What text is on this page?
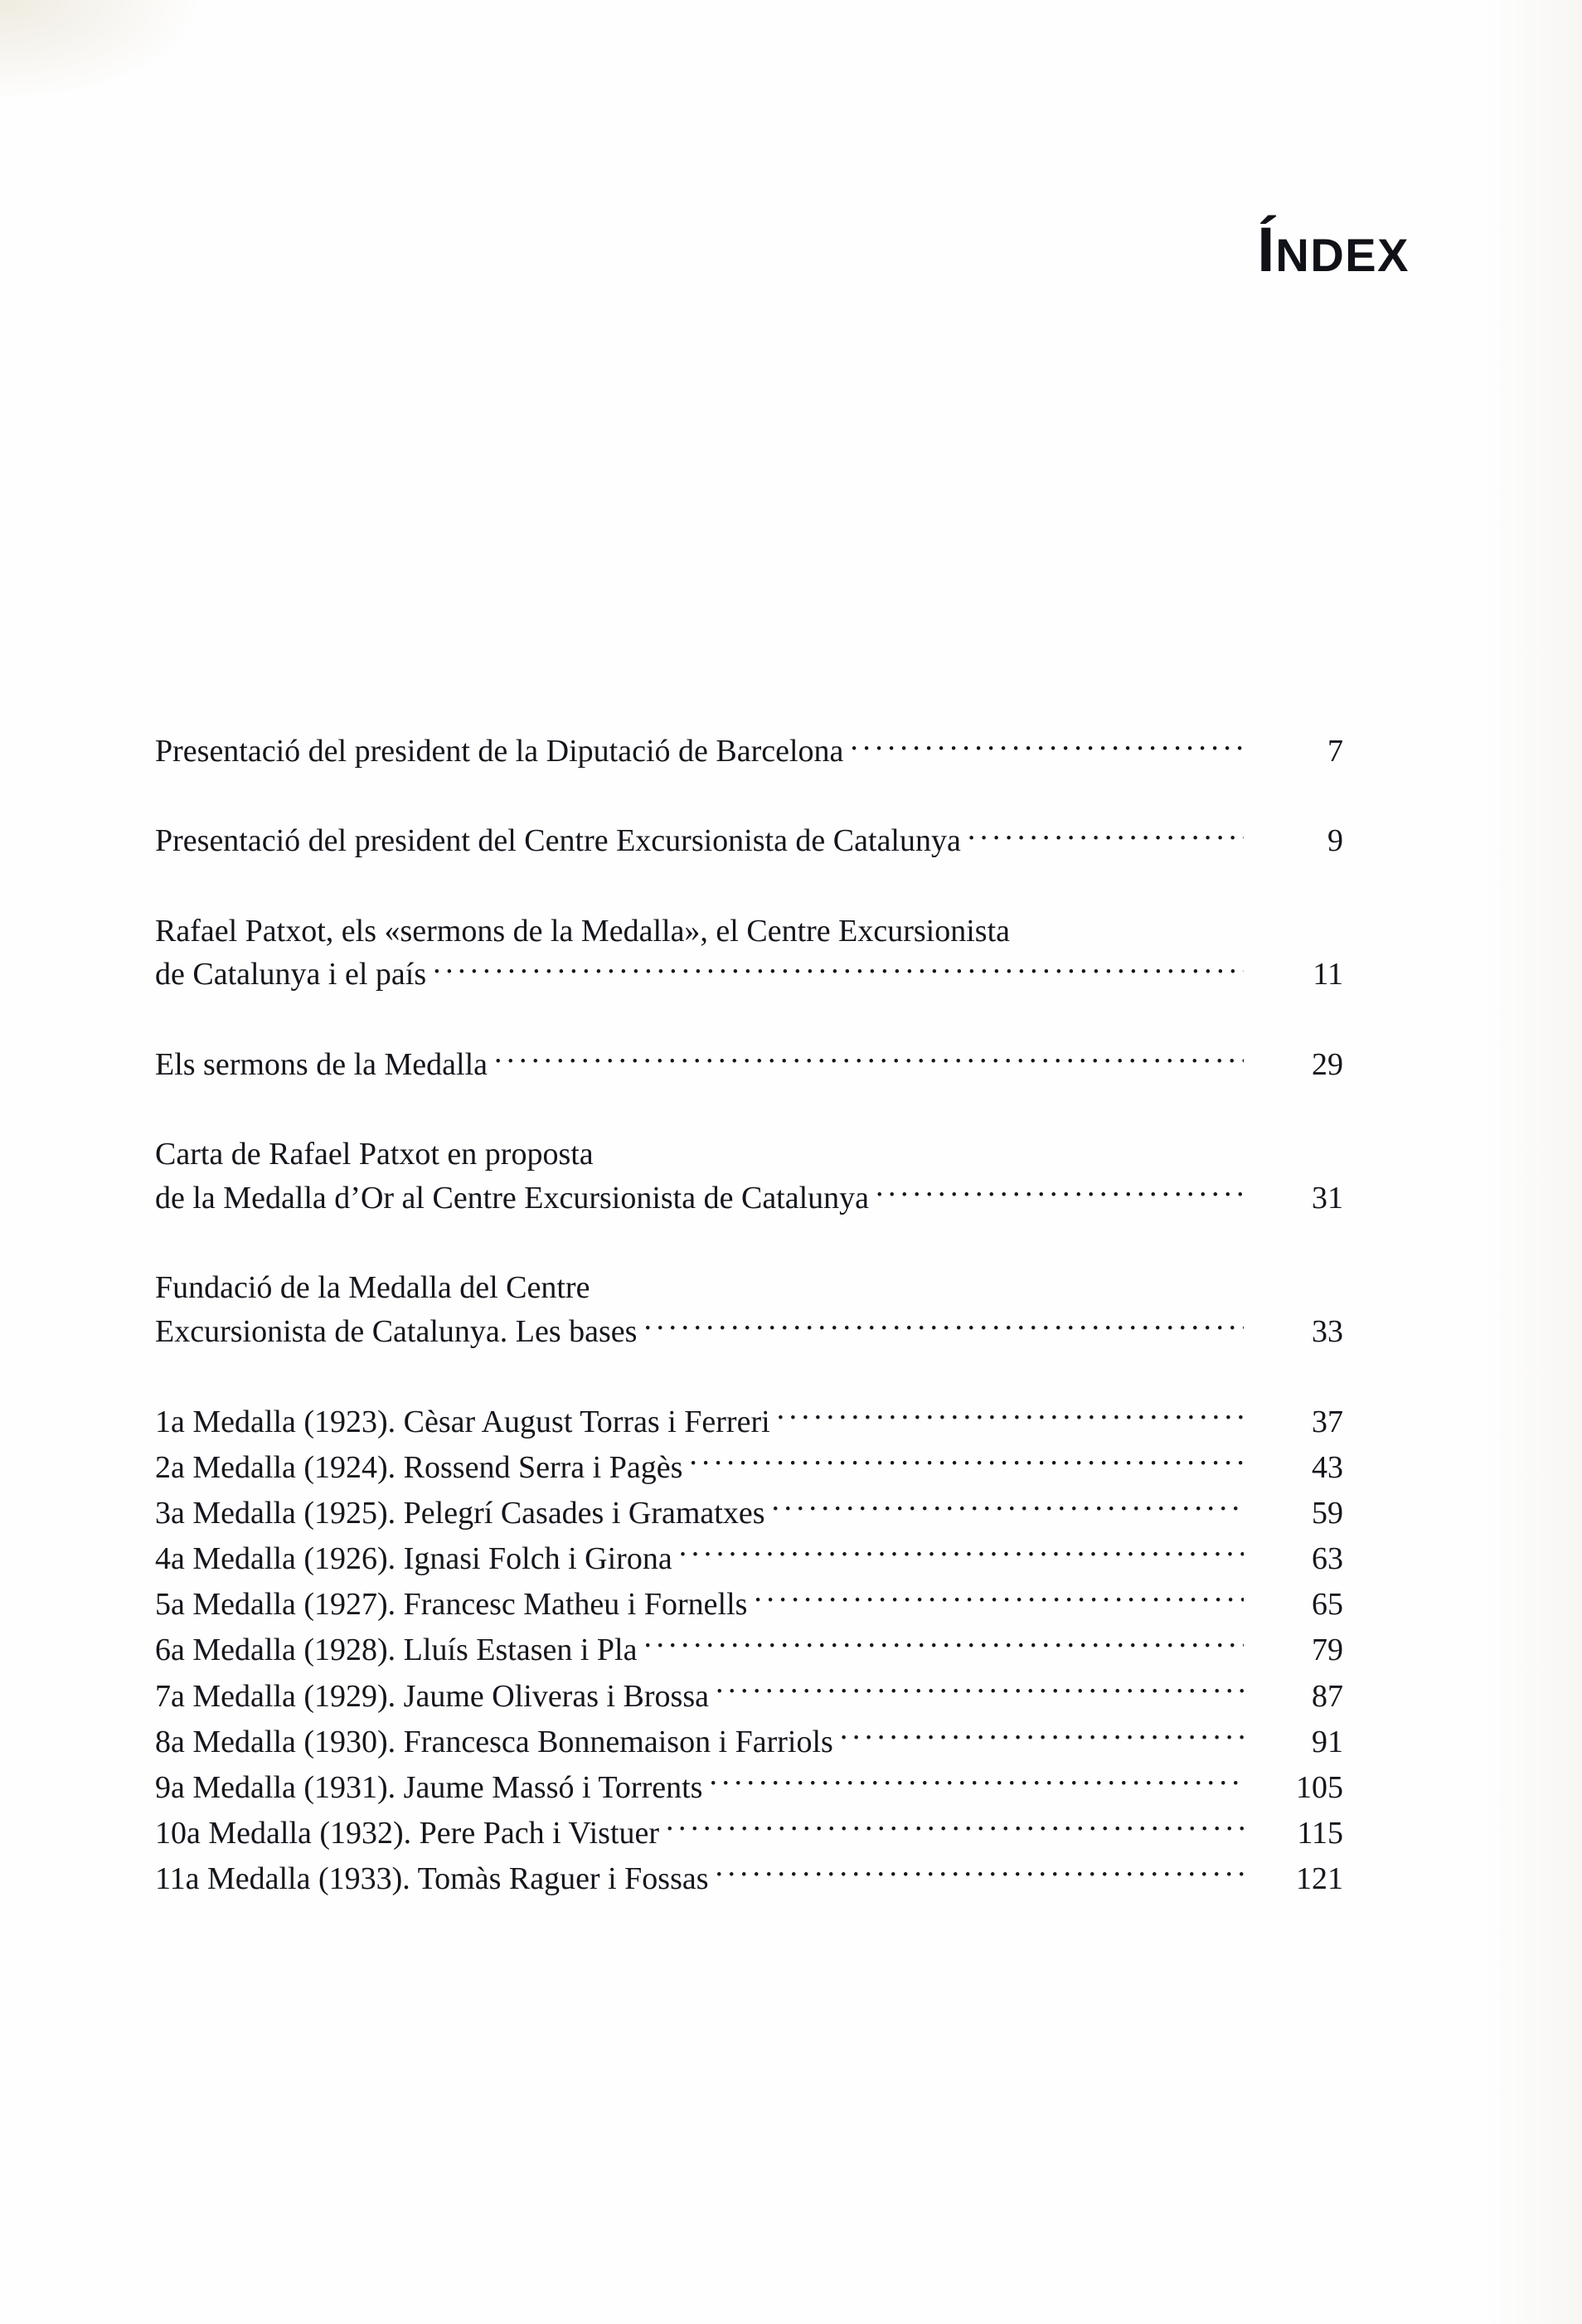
ÍNDEX
Presentació del president de la Diputació de Barcelona .....	7
Presentació del president del Centre Excursionista de Catalunya .....	9
Rafael Patxot, els «sermons de la Medalla», el Centre Excursionista
de Catalunya i el país .....	11
Els sermons de la Medalla .....	29
Carta de Rafael Patxot en proposta
de la Medalla d’Or al Centre Excursionista de Catalunya .....	31
Fundació de la Medalla del Centre
Excursionista de Catalunya. Les bases .....	33
1a Medalla (1923). Cèsar August Torras i Ferreri .....	37
2a Medalla (1924). Rossend Serra i Pagès .....	43
3a Medalla (1925). Pelegrí Casades i Gramatxes .....	59
4a Medalla (1926). Ignasi Folch i Girona .....	63
5a Medalla (1927). Francesc Matheu i Fornells .....	65
6a Medalla (1928). Lluís Estasen i Pla .....	79
7a Medalla (1929). Jaume Oliveras i Brossa .....	87
8a Medalla (1930). Francesca Bonnemaison i Farriols .....	91
9a Medalla (1931). Jaume Massó i Torrents .....	105
10a Medalla (1932). Pere Pach i Vistuer .....	115
11a Medalla (1933). Tomàs Raguer i Fossas .....	121
